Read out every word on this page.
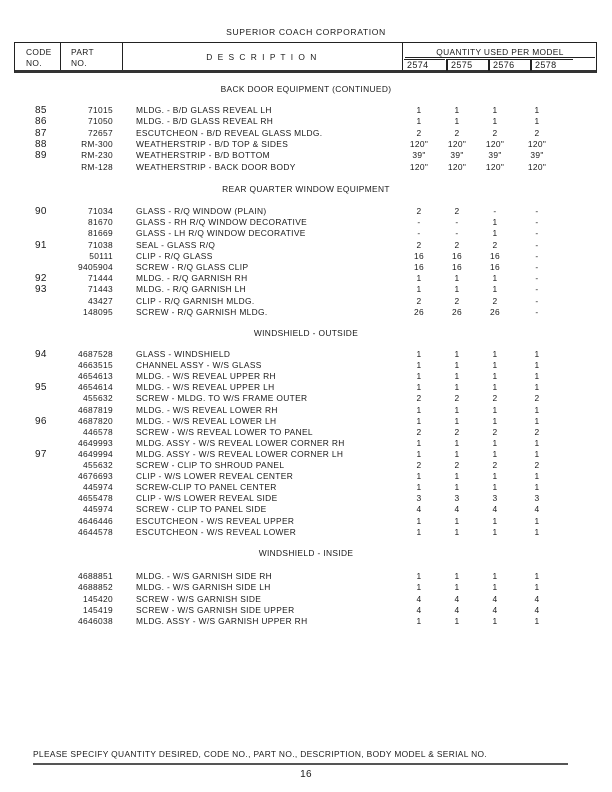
SUPERIOR COACH CORPORATION
CODE
NO.
PART
NO.
D E S C R I P T I O N	QUANTITY USED PER MODEL
2574	2575	2576	2578
BACK DOOR EQUIPMENT (CONTINUED)
85	71015	MLDG. - B/D GLASS REVEAL LH	1	1	1	1
86	71050	MLDG. - B/D GLASS REVEAL RH	1	1	1	1
87	72657	ESCUTCHEON - B/D REVEAL GLASS MLDG.	2	2	2	2
88	RM-300	WEATHERSTRIP - B/D TOP & SIDES	120"	120"	120"	120"
89	RM-230	WEATHERSTRIP - B/D BOTTOM	39"	39"	39"	39"
RM-128	WEATHERSTRIP - BACK DOOR BODY	120"	120"	120"	120"
REAR QUARTER WINDOW EQUIPMENT
90	71034	GLASS - R/Q WINDOW (PLAIN)	2	2	-	-
81670	GLASS - RH R/Q WINDOW DECORATIVE	-	-	1	-
81669	GLASS - LH R/Q WINDOW DECORATIVE	-	-	1	-
91	71038	SEAL - GLASS R/Q	2	2	2	-
50111	CLIP - R/Q GLASS	16	16	16	-
9405904	SCREW - R/Q GLASS CLIP	16	16	16	-
92	71444	MLDG. - R/Q GARNISH RH	1	1	1	-
93	71443	MLDG. - R/Q GARNISH LH	1	1	1	-
43427	CLIP - R/Q GARNISH MLDG.	2	2	2	-
148095	SCREW - R/Q GARNISH MLDG.	26	26	26	-
WINDSHIELD - OUTSIDE
94	4687528	GLASS - WINDSHIELD	1	1	1	1
4663515	CHANNEL ASSY - W/S GLASS	1	1	1	1
4654613	MLDG. - W/S REVEAL UPPER RH	1	1	1	1
95	4654614	MLDG. - W/S REVEAL UPPER LH	1	1	1	1
455632	SCREW - MLDG. TO W/S FRAME OUTER	2	2	2	2
4687819	MLDG. - W/S REVEAL LOWER RH	1	1	1	1
96	4687820	MLDG. - W/S REVEAL LOWER LH	1	1	1	1
446578	SCREW - W/S REVEAL LOWER TO PANEL	2	2	2	2
4649993	MLDG. ASSY - W/S REVEAL LOWER CORNER RH	1	1	1	1
97	4649994	MLDG. ASSY - W/S REVEAL LOWER CORNER LH	1	1	1	1
455632	SCREW - CLIP TO SHROUD PANEL	2	2	2	2
4676693	CLIP - W/S LOWER REVEAL CENTER	1	1	1	1
445974	SCREW-CLIP TO PANEL CENTER	1	1	1	1
4655478	CLIP - W/S LOWER REVEAL SIDE	3	3	3	3
445974	SCREW - CLIP TO PANEL SIDE	4	4	4	4
4646446	ESCUTCHEON - W/S REVEAL UPPER	1	1	1	1
4644578	ESCUTCHEON - W/S REVEAL LOWER	1	1	1	1
WINDSHIELD - INSIDE
4688851	MLDG. - W/S GARNISH SIDE RH	1	1	1	1
4688852	MLDG. - W/S GARNISH SIDE LH	1	1	1	1
145420	SCREW - W/S GARNISH SIDE	4	4	4	4
145419	SCREW - W/S GARNISH SIDE UPPER	4	4	4	4
4646038	MLDG. ASSY - W/S GARNISH UPPER RH	1	1	1	1
PLEASE SPECIFY QUANTITY DESIRED, CODE NO., PART NO., DESCRIPTION, BODY MODEL & SERIAL NO.
16
